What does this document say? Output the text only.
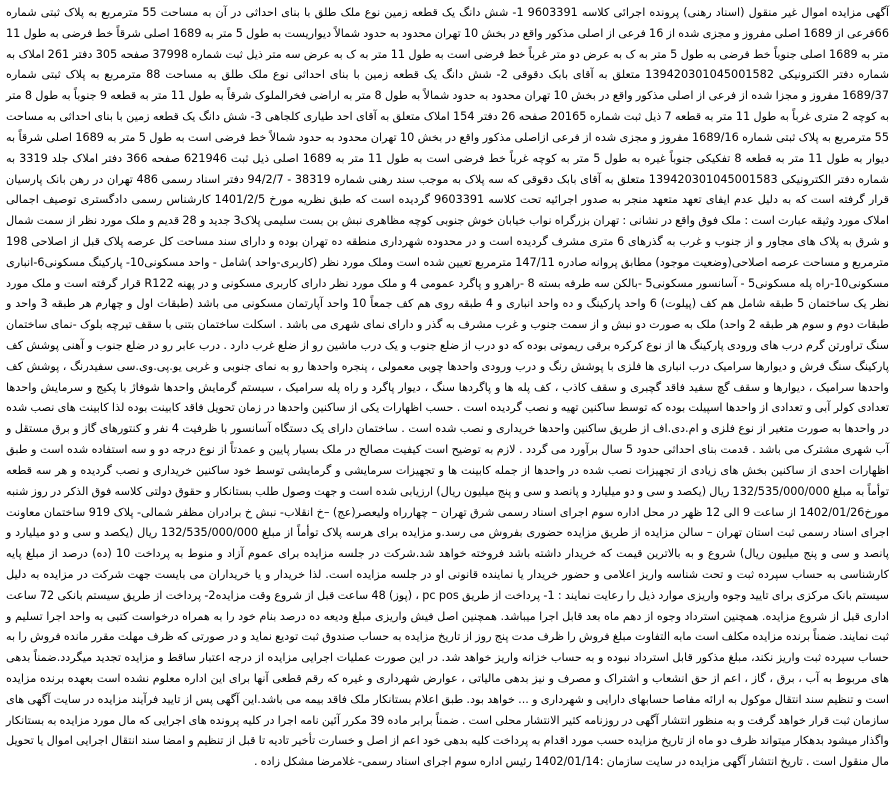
آگهی مزایده اموال غیر منقول (اسناد رهنی) پرونده اجرائی کلاسه 9603391 1- شش دانگ یک قطعه زمین نوع ملک طلق با بنای احداثی در آن به مساحت 55 مترمربع به پلاک ثبتی شماره 66فرعی از 1689 اصلی مفروز و مجزی شده از 16 فرعی از اصلی مذکور واقع در بخش 10 تهران محدود به حدود شمالاً دیواریست به طول 5 متر به 1689 اصلی شرقاً خط فرضی به طول 11 متر به 1689 اصلی جنوباً خط فرضی به طول 5 متر به ک به عرض دو متر غرباً خط فرضی است به طول 11 متر به ک به عرض سه متر ذیل ثبت شماره 37998 صفحه 305 دفتر 261 املاک به شماره دفتر الکترونیکی 139420301045001582 متعلق به آقای بابک دقوقی 2- شش دانگ یک قطعه زمین با بنای احداثی نوع ملک طلق به مساحت 88 مترمربع به پلاک ثبتی شماره 1689/37 مفروز و مجزا شده از فرعی از اصلی مذکور واقع در بخش 10 تهران محدود به حدود شمالاً به طول 8 متر به اراضی فخرالملوک شرقاً به طول 11 متر به قطعه 9 جنوباً به طول 8 متر به کوچه 2 متری غرباً به طول 11 متر به قطعه 7 ذیل ثبت شماره 20165 صفحه 26 دفتر 154 املاک متعلق به آقای احد طیاری کلجاهی 3- شش دانگ یک قطعه زمین با بنای احداثی به مساحت 55 مترمربع به پلاک ثبتی شماره 1689/16 مفروز و مجزی شده از فرعی ازاصلی مذکور واقع در بخش 10 تهران محدود به حدود شمالاً خط فرضی است به طول 5 متر به 1689 اصلی شرقاً به دیوار به طول 11 متر به قطعه 8 تفکیکی جنوباً غیره به طول 5 متر به کوچه غرباً خط فرضی است به طول 11 متر به 1689 اصلی ذیل ثبت 621946 صفحه 366 دفتر املاک جلد 3319 به شماره دفتر الکترونیکی 139420301045001583 متعلق به آقای بابک دقوقی که سه پلاک به موجب سند رهنی شماره 38319 - 94/2/7 دفتر اسناد رسمی 486 تهران در رهن بانک پارسیان قرار گرفته است که به دلیل عدم ایفای تعهد متعهد منجر به صدور اجرائیه تحت کلاسه 9603391 گردیده است که طبق نظریه مورخ 1401/2/5 کارشناس رسمی دادگستری توصیف اجمالی املاک مورد وثیقه عبارت است : ملک فوق واقع در نشانی : تهران بزرگراه نواب خیابان خوش جنوبی کوچه مظاهری نبش بن بست سلیمی پلاک3 جدید و 28 قدیم و ملک مورد نظر از سمت شمال و شرق به پلاک های مجاور و از جنوب و غرب به گذرهای 6 متری مشرف گردیده است و در محدوده شهرداری منطقه ده تهران بوده و دارای سند مساحت کل عرصه پلاک قبل از اصلاحی 198 مترمربع و مساحت عرصه اصلاحی(وضعیت موجود) مطابق پروانه صادره 147/11 مترمربع تعیین شده است وملک مورد نظر (کاربری-واحد )شامل - واحد مسکونی10- پارکینگ مسکونی6-انباری مسکونی10-راه پله مسکونی5 - آسانسور مسکونی5 -بالکن سه طرفه بسته 8 -راهرو و پاگرد عمومی 4 و ملک مورد نظر دارای کاربری مسکونی و در پهنه R122 قرار گرفته است و ملک مورد نظر یک ساختمان 5 طبقه شامل هم کف (پیلوت) 6 واحد پارکینگ و ده واحد انباری و 4 طبقه روی هم کف جمعاً 10 واحد آپارتمان مسکونی می باشد (طبقات اول و چهارم هر طبقه 3 واحد و طبقات دوم و سوم هر طبقه 2 واحد) ملک به صورت دو نبش و از سمت جنوب و غرب مشرف به گذر و دارای نمای شهری می باشد . اسکلت ساختمان بتنی با سقف تیرچه بلوک -نمای ساختمان سنگ تراورتن گرم درب های ورودی پارکینگ ها از نوع کرکره برقی ریموتی بوده که دو درب از ضلع جنوب و یک درب ماشین رو از ضلع غرب دارد . درب عابر رو در ضلع جنوب و آهنی پوشش کف پارکینگ سنگ فرش و دیوارها سرامیک درب انباری ها فلزی با پوشش رنگ و درب ورودی واحدها چوبی معمولی ، پنجره واحدها رو به نمای جنوبی و غربی یو.پی.وی.سی سفیدرنگ ، پوشش کف واحدها سرامیک ، دیوارها و سقف گچ سفید فاقد گچبری و سقف کاذب ، کف پله ها و پاگردها سنگ ، دیوار پاگرد و راه پله سرامیک ، سیستم گرمایش واحدها شوفاژ با پکیج و سرمایش واحدها تعدادی کولر آبی و تعدادی از واحدها اسپیلت بوده که توسط ساکنین تهیه و نصب گردیده است . حسب اظهارات یکی از ساکنین واحدها در زمان تحویل فاقد کابینت بوده لذا کابینت های نصب شده در واحدها به صورت متغیر از نوع فلزی و ام.دی.اف از طریق ساکنین واحدها خریداری و نصب شده است . ساختمان دارای یک دستگاه آسانسور با ظرفیت 4 نفر و کنتورهای گاز و برق مستقل و آب شهری مشترک می باشد . قدمت بنای احداثی حدود 5 سال برآورد می گردد . لازم به توضیح است کیفیت مصالح در ملک بسیار پایین و عمدتاً از نوع درجه دو و سه استفاده شده است و طبق اظهارات احدی از ساکنین بخش های زیادی از تجهیزات نصب شده در واحدها از جمله کابینت ها و تجهیزات سرمایشی و گرمایشی توسط خود ساکنین خریداری و نصب گردیده و هر سه قطعه توأماً به مبلغ 132/535/000/000 ریال (یکصد و سی و دو میلیارد و پانصد و سی و پنج میلیون ریال) ارزیابی شده است و جهت وصول طلب بستانکار و حقوق دولتی کلاسه فوق الذکر در روز شنبه مورخ1402/01/26 از ساعت 9 الی 12 ظهر در محل اداره سوم اجرای اسناد رسمی شرق تهران – چهارراه ولیعصر(عج) –خ انقلاب- نبش خ برادران مظفر شمالی- پلاک 919 ساختمان معاونت اجرای اسناد رسمی ثبت استان تهران – سالن مزایده از طریق مزایده حضوری بفروش می رسد.و مزایده برای هرسه پلاک توأماً از مبلغ 132/535/000/000 ریال (یکصد و سی و دو میلیارد و پانصد و سی و پنج میلیون ریال) شروع و به بالاترین قیمت که خریدار داشته باشد فروخته خواهد شد.شرکت در جلسه مزایده برای عموم آزاد و منوط به پرداخت 10 (ده) درصد از مبلغ پایه کارشناسی به حساب سپرده ثبت و تحت شناسه واریز اعلامی و حضور خریدار یا نماینده قانونی او در جلسه مزایده است. لذا خریدار و یا خریداران می بایست جهت شرکت در مزایده به دلیل سیستم بانک مرکزی برای تایید وجوه واریزی موارد ذیل را رعایت نمایند : 1- پرداخت از طریق pc pos ، (پوز) 48 ساعت قبل از شروع وقت مزایده2- پرداخت از طریق سیستم بانکی 72 ساعت اداری قبل از شروع مزایده. همچنین استرداد وجوه از دهم ماه بعد قابل اجرا میباشد. همچنین اصل فیش واریزی مبلغ ودیعه ده درصد بنام خود را به همراه درخواست کتبی به واحد اجرا تسلیم و ثبت نمایند. ضمناً برنده مزایده مکلف است مابه التفاوت مبلغ فروش را ظرف مدت پنج روز از تاریخ مزایده به حساب صندوق ثبت تودیع نماید و در صورتی که ظرف مهلت مقرر مانده فروش را به حساب سپرده ثبت واریز نکند، مبلغ مذکور قابل استرداد نبوده و به حساب خزانه واریز خواهد شد. در این صورت عملیات اجرایی مزایده از درجه اعتبار ساقط و مزایده تجدید میگردد.ضمناً بدهی های مربوط به آب ، برق ، گاز ، اعم از حق انشعاب و اشتراک و مصرف و نیز بدهی مالیاتی ، عوارض شهرداری و غیره که رقم قطعی آنها برای این اداره معلوم نشده است بعهده برنده مزایده است و تنظیم سند انتقال موکول به ارائه مفاصا حسابهای دارایی و شهرداری و ... خواهد بود. طبق اعلام بستانکار ملک فاقد بیمه می باشد.این آگهی پس از تایید فرآیند مزایده در سایت آگهی های سازمان ثبت قرار خواهد گرفت و به منظور انتشار آگهی در روزنامه کثیر الانتشار محلی است . ضمناً برابر ماده 39 مکرر آئین نامه اجرا در کلیه پرونده های اجرایی که مال مورد مزایده به بستانکار واگذار میشود بدهکار میتواند ظرف دو ماه از تاریخ مزایده حسب مورد اقدام به پرداخت کلیه بدهی خود اعم از اصل و خسارت تأخیر تادیه تا قبل از تنظیم و امضا سند انتقال اجرایی اموال یا تحویل مال منقول است . تاریخ انتشار آگهی مزایده در سایت سازمان :1402/01/14 رئیس اداره سوم اجرای اسناد رسمی- غلامرضا مشکل زاده .
